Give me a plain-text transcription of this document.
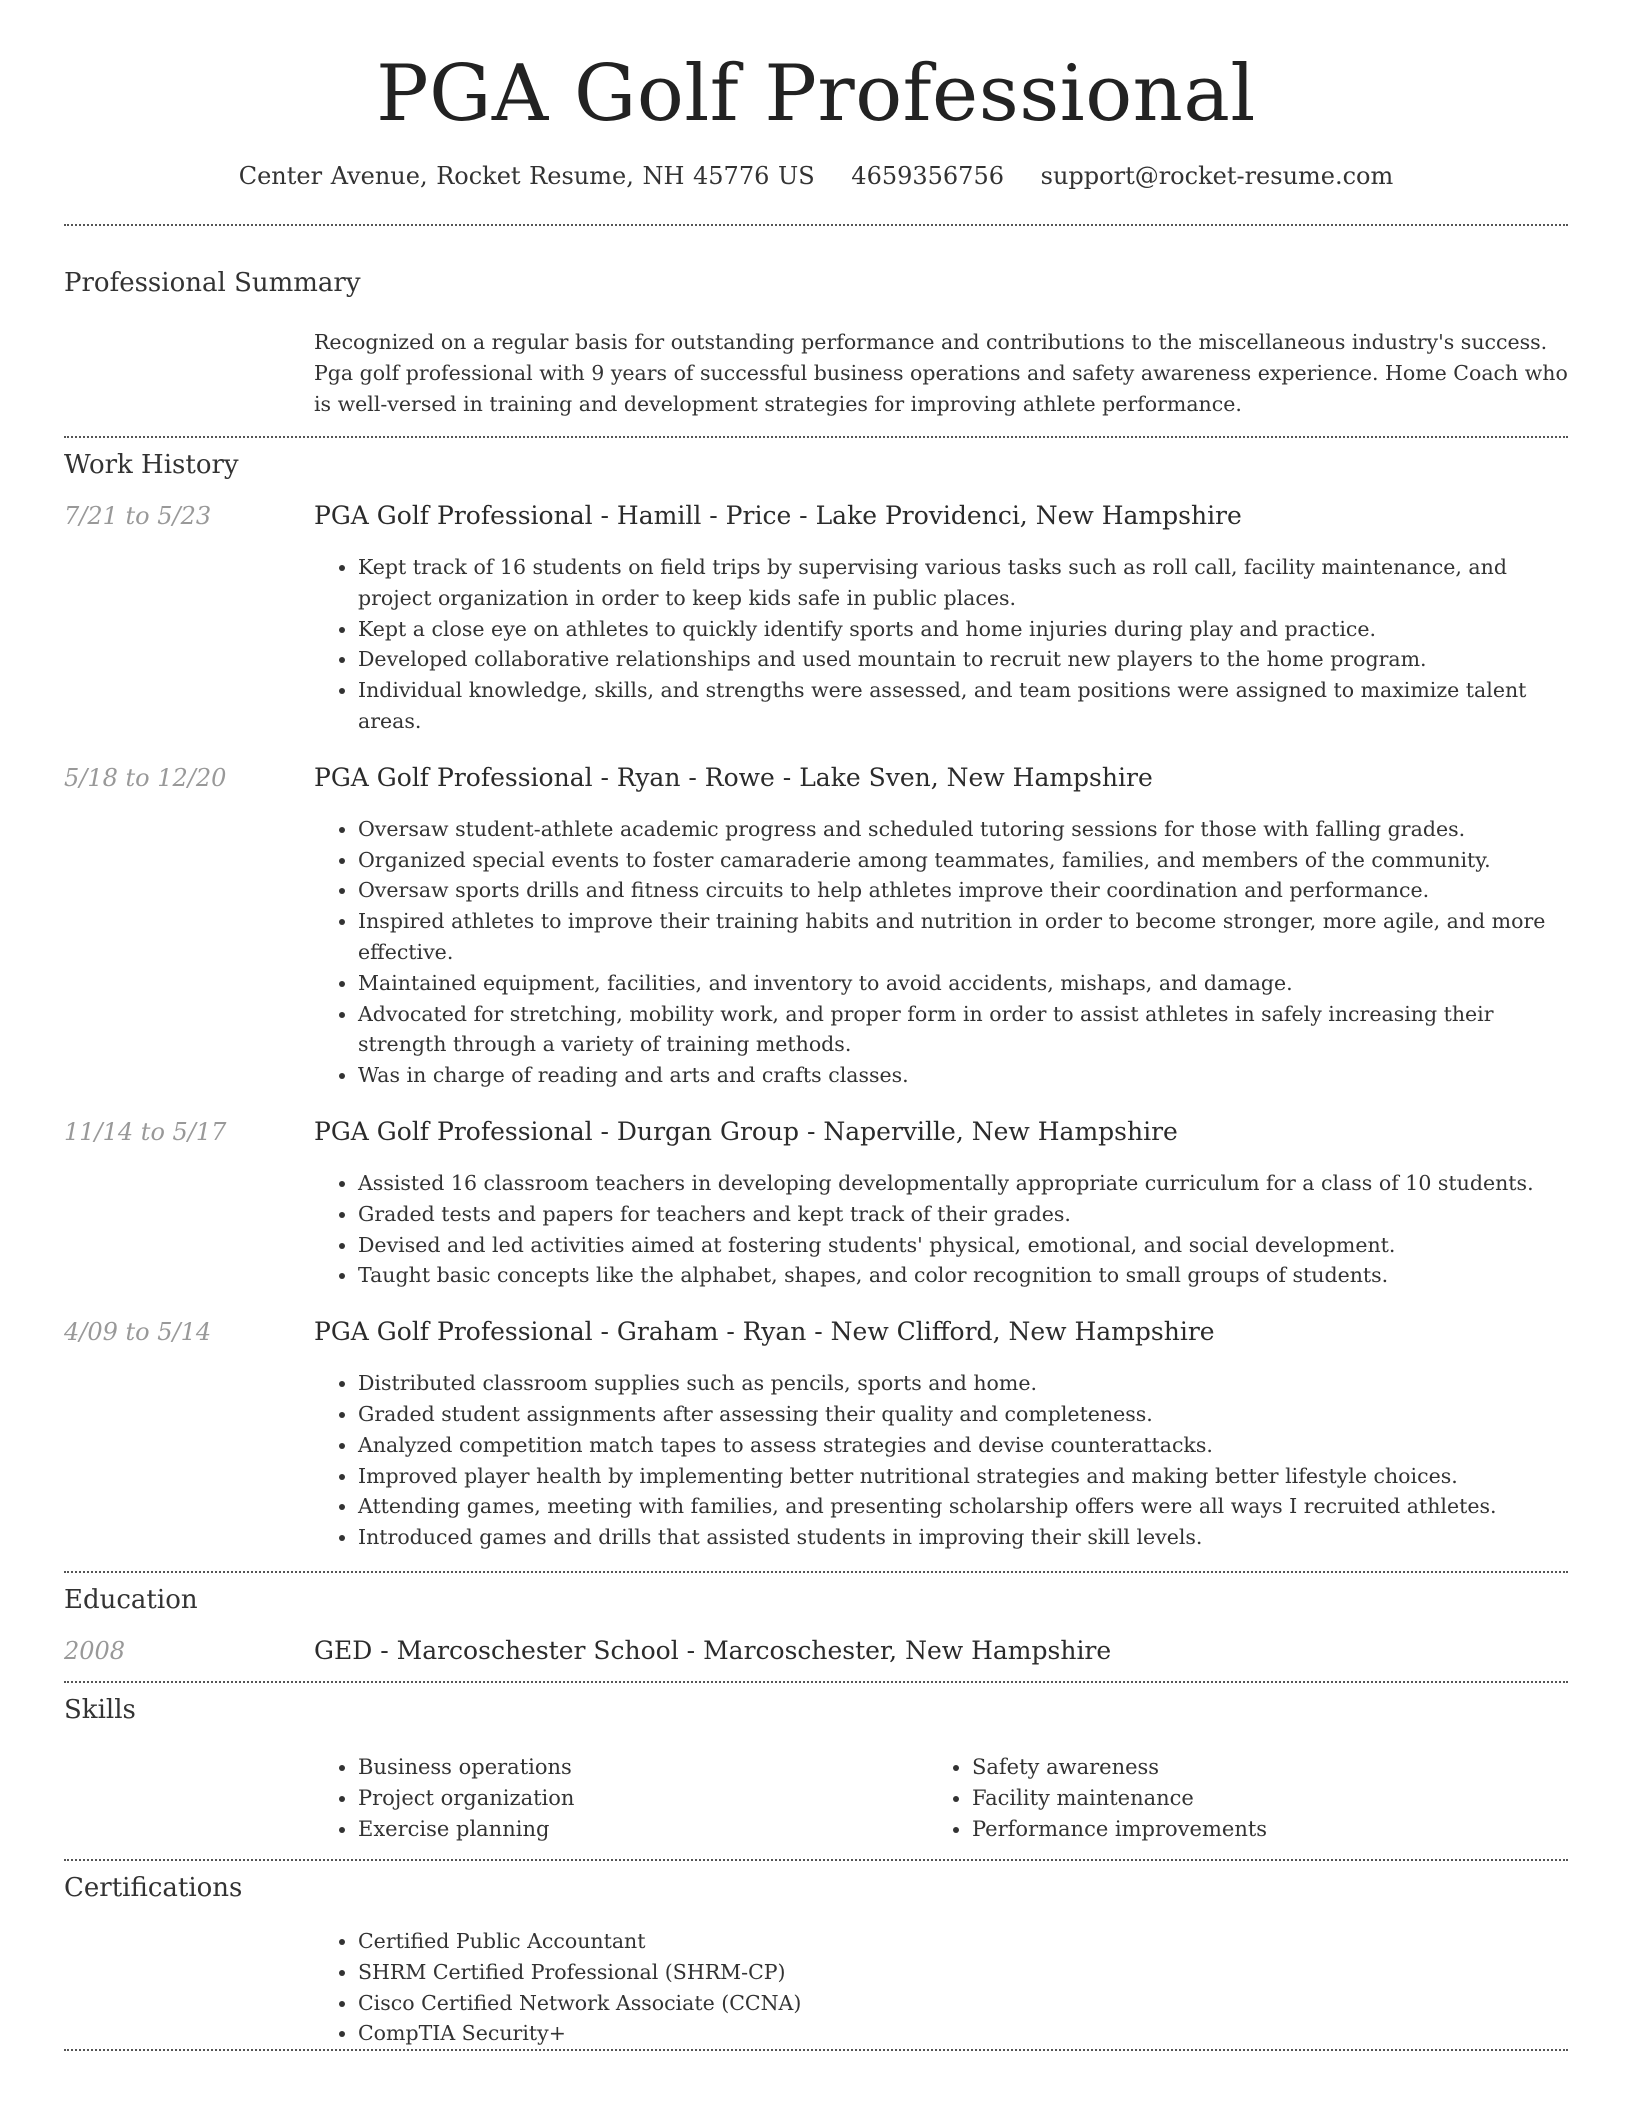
PGA Golf Professional
Center Avenue, Rocket Resume, NH 45776 US 4659356756 support@rocket-resume.com
Professional Summary
Recognized on a regular basis for outstanding performance and contributions to the miscellaneous industry's success. Pga golf professional with 9 years of successful business operations and safety awareness experience. Home Coach who is well-versed in training and development strategies for improving athlete performance.
Work History
7/21 to 5/23	PGA Golf Professional - Hamill - Price - Lake Providenci, New Hampshire
• Kept track of 16 students on field trips by supervising various tasks such as roll call, facility maintenance, and project organization in order to keep kids safe in public places.
• Kept a close eye on athletes to quickly identify sports and home injuries during play and practice.
• Developed collaborative relationships and used mountain to recruit new players to the home program.
• Individual knowledge, skills, and strengths were assessed, and team positions were assigned to maximize talent areas.
5/18 to 12/20	PGA Golf Professional - Ryan - Rowe - Lake Sven, New Hampshire
• Oversaw student-athlete academic progress and scheduled tutoring sessions for those with falling grades.
• Organized special events to foster camaraderie among teammates, families, and members of the community.
• Oversaw sports drills and fitness circuits to help athletes improve their coordination and performance.
• Inspired athletes to improve their training habits and nutrition in order to become stronger, more agile, and more effective.
• Maintained equipment, facilities, and inventory to avoid accidents, mishaps, and damage.
• Advocated for stretching, mobility work, and proper form in order to assist athletes in safely increasing their strength through a variety of training methods.
• Was in charge of reading and arts and crafts classes.
11/14 to 5/17	PGA Golf Professional - Durgan Group - Naperville, New Hampshire
• Assisted 16 classroom teachers in developing developmentally appropriate curriculum for a class of 10 students.
• Graded tests and papers for teachers and kept track of their grades.
• Devised and led activities aimed at fostering students' physical, emotional, and social development.
• Taught basic concepts like the alphabet, shapes, and color recognition to small groups of students.
4/09 to 5/14	PGA Golf Professional - Graham - Ryan - New Clifford, New Hampshire
• Distributed classroom supplies such as pencils, sports and home.
• Graded student assignments after assessing their quality and completeness.
• Analyzed competition match tapes to assess strategies and devise counterattacks.
• Improved player health by implementing better nutritional strategies and making better lifestyle choices.
• Attending games, meeting with families, and presenting scholarship offers were all ways I recruited athletes.
• Introduced games and drills that assisted students in improving their skill levels.
Education
2008	GED - Marcoschester School - Marcoschester, New Hampshire
Skills
• Business operations
• Project organization
• Exercise planning
• Safety awareness
• Facility maintenance
• Performance improvements
Certifications
• Certified Public Accountant
• SHRM Certified Professional (SHRM-CP)
• Cisco Certified Network Associate (CCNA)
• CompTIA Security+
